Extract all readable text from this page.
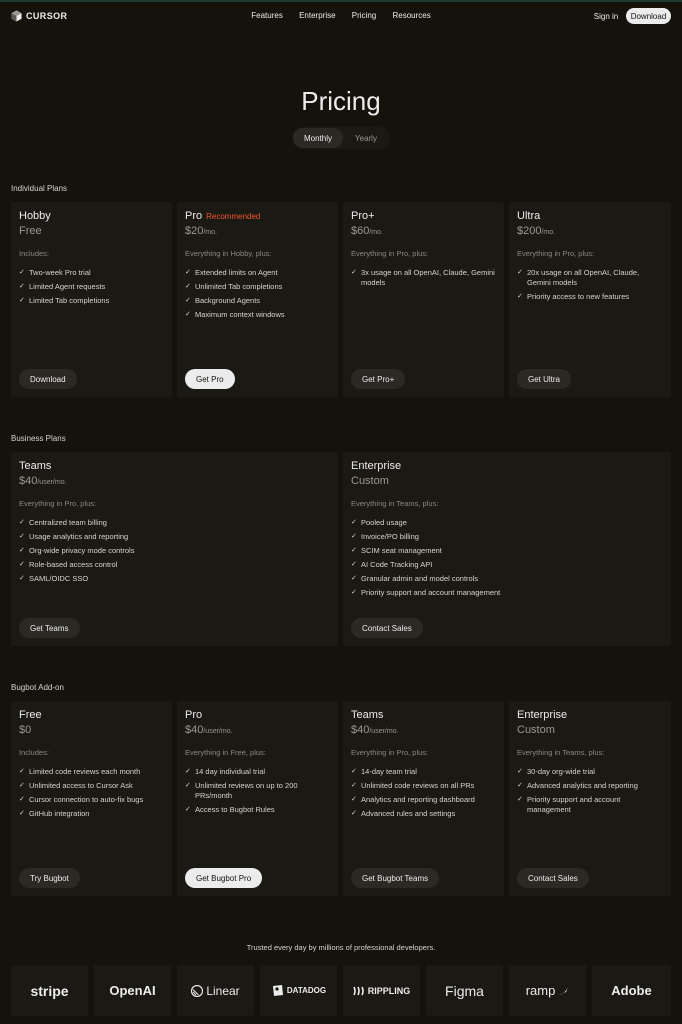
CURSOR	Features Enterprise Pricing Resources	Sign in	Download
Pricing
Monthly	Yearly
Individual Plans
Hobby
Free
Includes:
✓ Two-week Pro trial
✓ Limited Agent requests
✓ Limited Tab completions
Download
Pro Recommended
$20/mo.
Everything in Hobby, plus:
✓ Extended limits on Agent
✓ Unlimited Tab completions
✓ Background Agents
✓ Maximum context windows
Get Pro
Pro+
$60/mo.
Everything in Pro, plus:
✓ 3x usage on all OpenAI, Claude, Gemini models
Get Pro+
Ultra
$200/mo.
Everything in Pro, plus:
✓ 20x usage on all OpenAI, Claude, Gemini models
✓ Priority access to new features
Get Ultra
Business Plans
Teams
$40/user/mo.
Everything in Pro, plus:
✓ Centralized team billing
✓ Usage analytics and reporting
✓ Org-wide privacy mode controls
✓ Role-based access control
✓ SAML/OIDC SSO
Get Teams
Enterprise
Custom
Everything in Teams, plus:
✓ Pooled usage
✓ Invoice/PO billing
✓ SCIM seat management
✓ AI Code Tracking API
✓ Granular admin and model controls
✓ Priority support and account management
Contact Sales
Bugbot Add-on
Free
$0
Includes:
✓ Limited code reviews each month
✓ Unlimited access to Cursor Ask
✓ Cursor connection to auto-fix bugs
✓ GitHub integration
Try Bugbot
Pro
$40/user/mo.
Everything in Free, plus:
✓ 14 day individual trial
✓ Unlimited reviews on up to 200 PRs/month
✓ Access to Bugbot Rules
Get Bugbot Pro
Teams
$40/user/mo.
Everything in Pro, plus:
✓ 14-day team trial
✓ Unlimited code reviews on all PRs
✓ Analytics and reporting dashboard
✓ Advanced rules and settings
Get Bugbot Teams
Enterprise
Custom
Everything in Teams, plus:
✓ 30-day org-wide trial
✓ Advanced analytics and reporting
✓ Priority support and account management
Contact Sales
Trusted every day by millions of professional developers.
stripe	OpenAI	Linear	DATADOG	RIPPLING Figma	ramp	Adobe
